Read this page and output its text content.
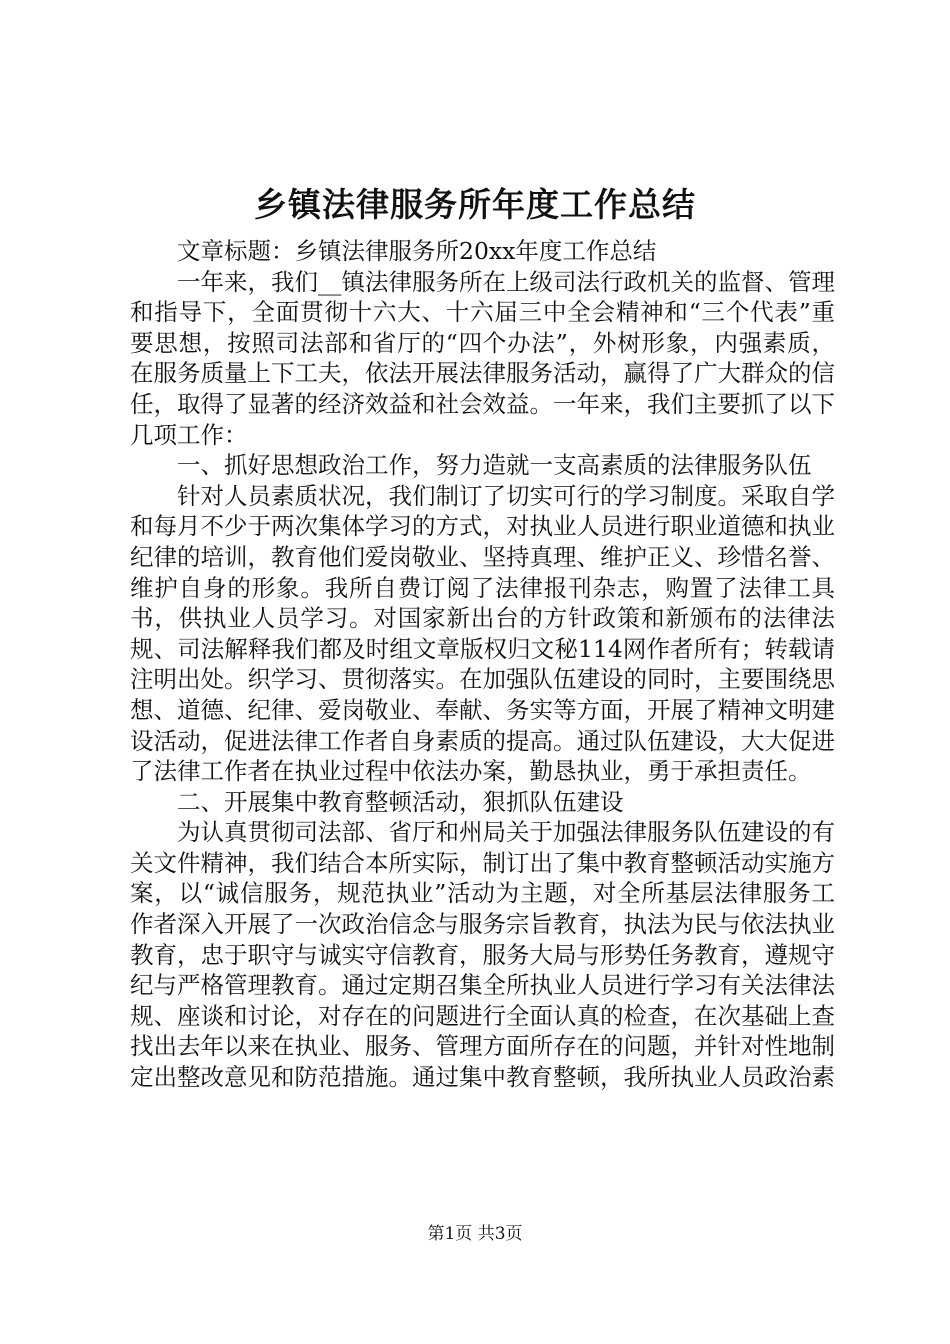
乡镇法律服务所年度工作总结

文章标题：乡镇法律服务所20xx年度工作总结

一年来，我们__镇法律服务所在上级司法行政机关的监督、管理和指导下，全面贯彻十六大、十六届三中全会精神和“三个代表”重要思想，按照司法部和省厅的“四个办法”，外树形象，内强素质，在服务质量上下工夫，依法开展法律服务活动，赢得了广大群众的信任，取得了显著的经济效益和社会效益。一年来，我们主要抓了以下几项工作：

一、抓好思想政治工作，努力造就一支高素质的法律服务队伍

针对人员素质状况，我们制订了切实可行的学习制度。采取自学和每月不少于两次集体学习的方式，对执业人员进行职业道德和执业纪律的培训，教育他们爱岗敬业、坚持真理、维护正义、珍惜名誉、维护自身的形象。我所自费订阅了法律报刊杂志，购置了法律工具书，供执业人员学习。对国家新出台的方针政策和新颁布的法律法规、司法解释我们都及时组文章版权归文秘114网作者所有；转载请注明出处。织学习、贯彻落实。在加强队伍建设的同时，主要围绕思想、道德、纪律、爱岗敬业、奉献、务实等方面，开展了精神文明建设活动，促进法律工作者自身素质的提高。通过队伍建设，大大促进了法律工作者在执业过程中依法办案，勤恳执业，勇于承担责任。

二、开展集中教育整顿活动，狠抓队伍建设

为认真贯彻司法部、省厅和州局关于加强法律服务队伍建设的有关文件精神，我们结合本所实际，制订出了集中教育整顿活动实施方案，以“诚信服务，规范执业”活动为主题，对全所基层法律服务工作者深入开展了一次政治信念与服务宗旨教育，执法为民与依法执业教育，忠于职守与诚实守信教育，服务大局与形势任务教育，遵规守纪与严格管理教育。通过定期召集全所执业人员进行学习有关法律法规、座谈和讨论，对存在的问题进行全面认真的检查，在次基础上查找出去年以来在执业、服务、管理方面所存在的问题，并针对性地制定出整改意见和防范措施。通过集中教育整顿，我所执业人员政治素

第1页 共3页
